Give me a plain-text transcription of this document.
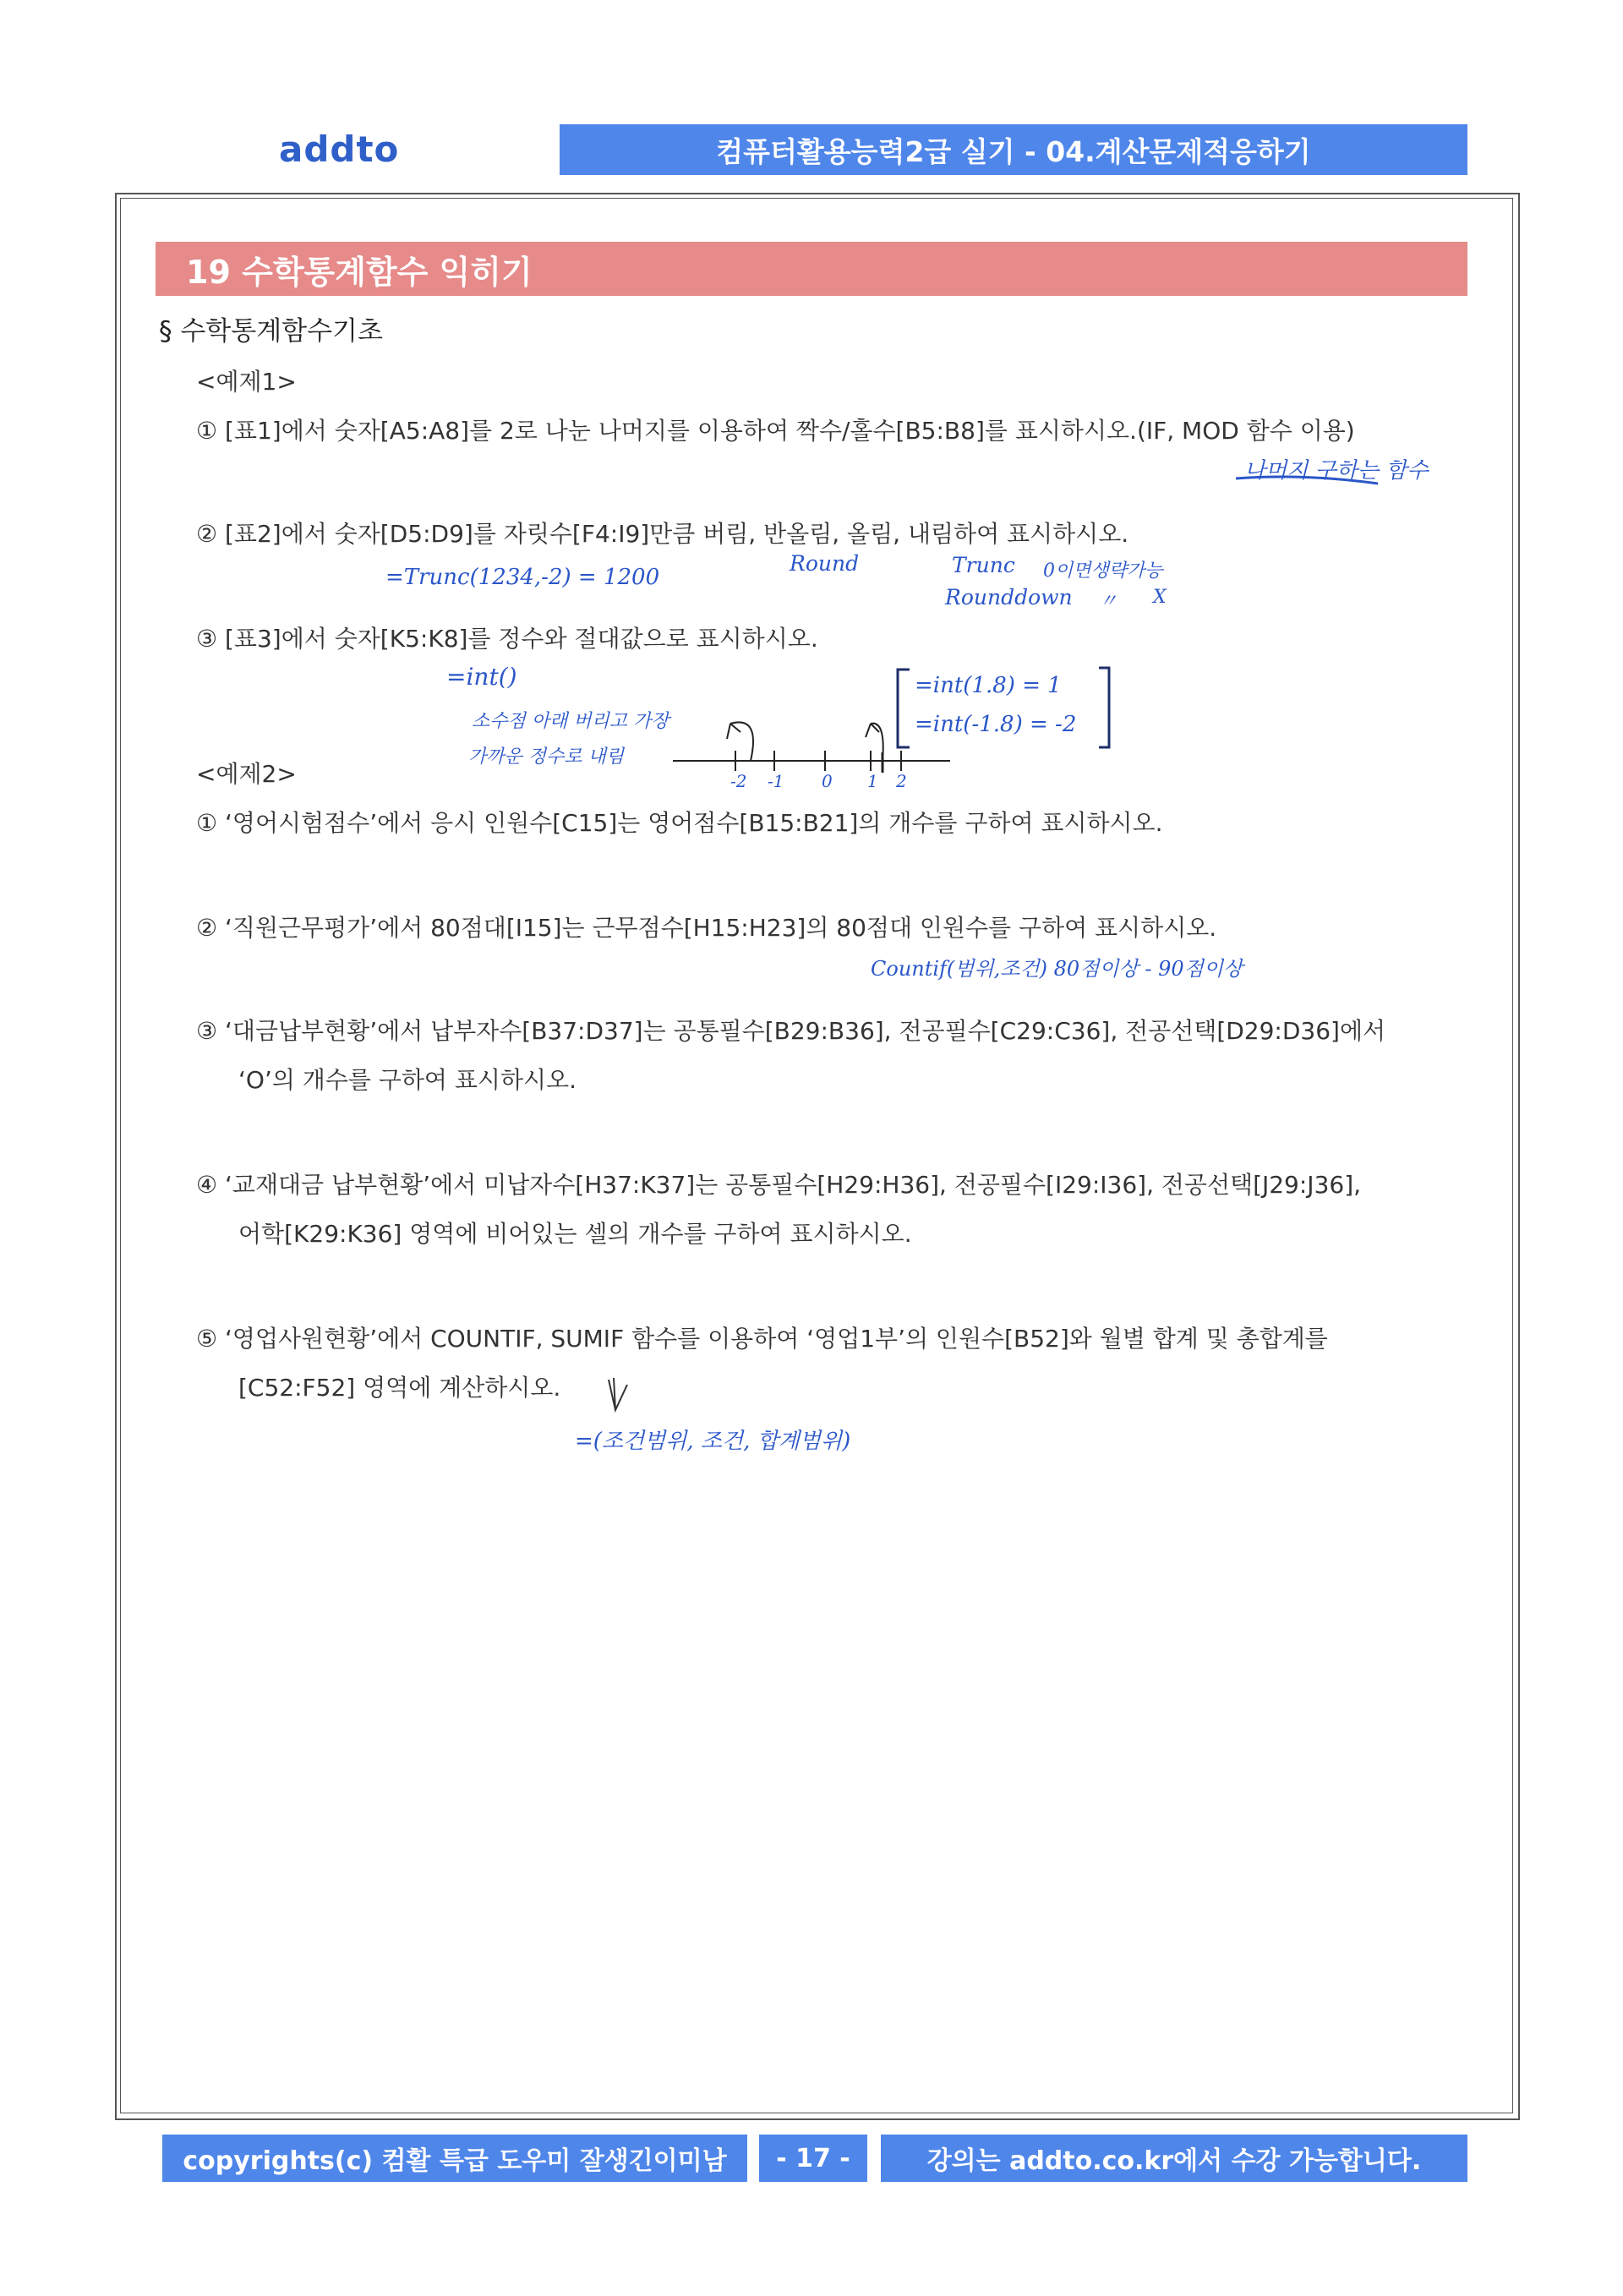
addto	컴퓨터활용능력2급 실기 - 04.계산문제적응하기
19 수학통계함수 익히기
§ 수학통계함수기초
<예제1>
① [표1]에서 숫자[A5:A8]를 2로 나눈 나머지를 이용하여 짝수/홀수[B5:B8]를 표시하시오.(IF, MOD 함수 이용)
② [표2]에서 숫자[D5:D9]를 자릿수[F4:I9]만큼 버림, 반올림, 올림, 내림하여 표시하시오.
③ [표3]에서 숫자[K5:K8]를 정수와 절대값으로 표시하시오.
<예제2>
① ‘영어시험점수’에서 응시 인원수[C15]는 영어점수[B15:B21]의 개수를 구하여 표시하시오.
② ‘직원근무평가’에서 80점대[I15]는 근무점수[H15:H23]의 80점대 인원수를 구하여 표시하시오.
③ ‘대금납부현황’에서 납부자수[B37:D37]는 공통필수[B29:B36], 전공필수[C29:C36], 전공선택[D29:D36]에서
‘O’의 개수를 구하여 표시하시오.
④ ‘교재대금 납부현황’에서 미납자수[H37:K37]는 공통필수[H29:H36], 전공필수[I29:I36], 전공선택[J29:J36],
어학[K29:K36] 영역에 비어있는 셀의 개수를 구하여 표시하시오.
⑤ ‘영업사원현황’에서 COUNTIF, SUMIF 함수를 이용하여 ‘영업1부’의 인원수[B52]와 월별 합계 및 총합계를
[C52:F52] 영역에 계산하시오.
나머지 구하는 함수
=Trunc(1234,-2) = 1200
Round	Trunc
Rounddown
0이면생략가능
〃 X
=int()
소수점 아래 버리고 가장
가까운 정수로 내림
=int(1.8) = 1
=int(-1.8) = -2
-2 -1 0 1 2
Countif(범위,조건) 80점이상 - 90점이상
=(조건범위, 조건, 합계범위)
copyrights(c) 컴활 특급 도우미 잘생긴이미남	- 17 -	강의는 addto.co.kr에서 수강 가능합니다.
